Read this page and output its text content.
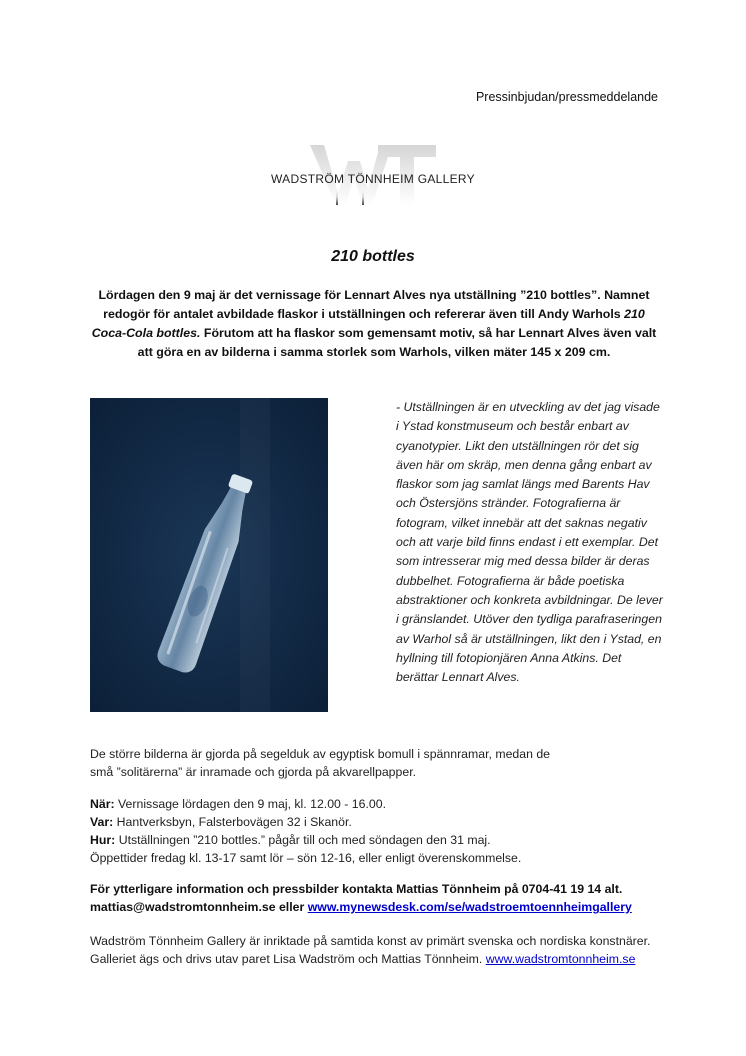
Pressinbjudan/pressmeddelande
WADSTRÖM TÖNNHEIM GALLERY
210 bottles
Lördagen den 9 maj är det vernissage för Lennart Alves nya utställning ”210 bottles”. Namnet redogör för antalet avbildade flaskor i utställningen och refererar även till Andy Warhols 210 Coca-Cola bottles. Förutom att ha flaskor som gemensamt motiv, så har Lennart Alves även valt att göra en av bilderna i samma storlek som Warhols, vilken mäter 145 x 209 cm.
- Utställningen är en utveckling av det jag visade i Ystad konstmuseum och består enbart av cyanotypier. Likt den utställningen rör det sig även här om skräp, men denna gång enbart av flaskor som jag samlat längs med Barents Hav och Östersjöns stränder. Fotografierna är fotogram, vilket innebär att det saknas negativ och att varje bild finns endast i ett exemplar. Det som intresserar mig med dessa bilder är deras dubbelhet. Fotografierna är både poetiska abstraktioner och konkreta avbildningar. De lever i gränslandet. Utöver den tydliga parafraseringen av Warhol så är utställningen, likt den i Ystad, en hyllning till fotopionjären Anna Atkins. Det berättar Lennart Alves.
De större bilderna är gjorda på segelduk av egyptisk bomull i spännramar, medan de
små ”solitärerna” är inramade och gjorda på akvarellpapper.
När: Vernissage lördagen den 9 maj, kl. 12.00 - 16.00.
Var: Hantverksbyn, Falsterbovägen 32 i Skanör.
Hur: Utställningen ”210 bottles.” pågår till och med söndagen den 31 maj.
Öppettider fredag kl. 13-17 samt lör – sön 12-16, eller enligt överenskommelse.
För ytterligare information och pressbilder kontakta Mattias Tönnheim på 0704-41 19 14 alt.
mattias@wadstromtonnheim.se eller www.mynewsdesk.com/se/wadstroemtoennheimgallery
Wadström Tönnheim Gallery är inriktade på samtida konst av primärt svenska och nordiska konstnärer.
Galleriet ägs och drivs utav paret Lisa Wadström och Mattias Tönnheim. www.wadstromtonnheim.se
